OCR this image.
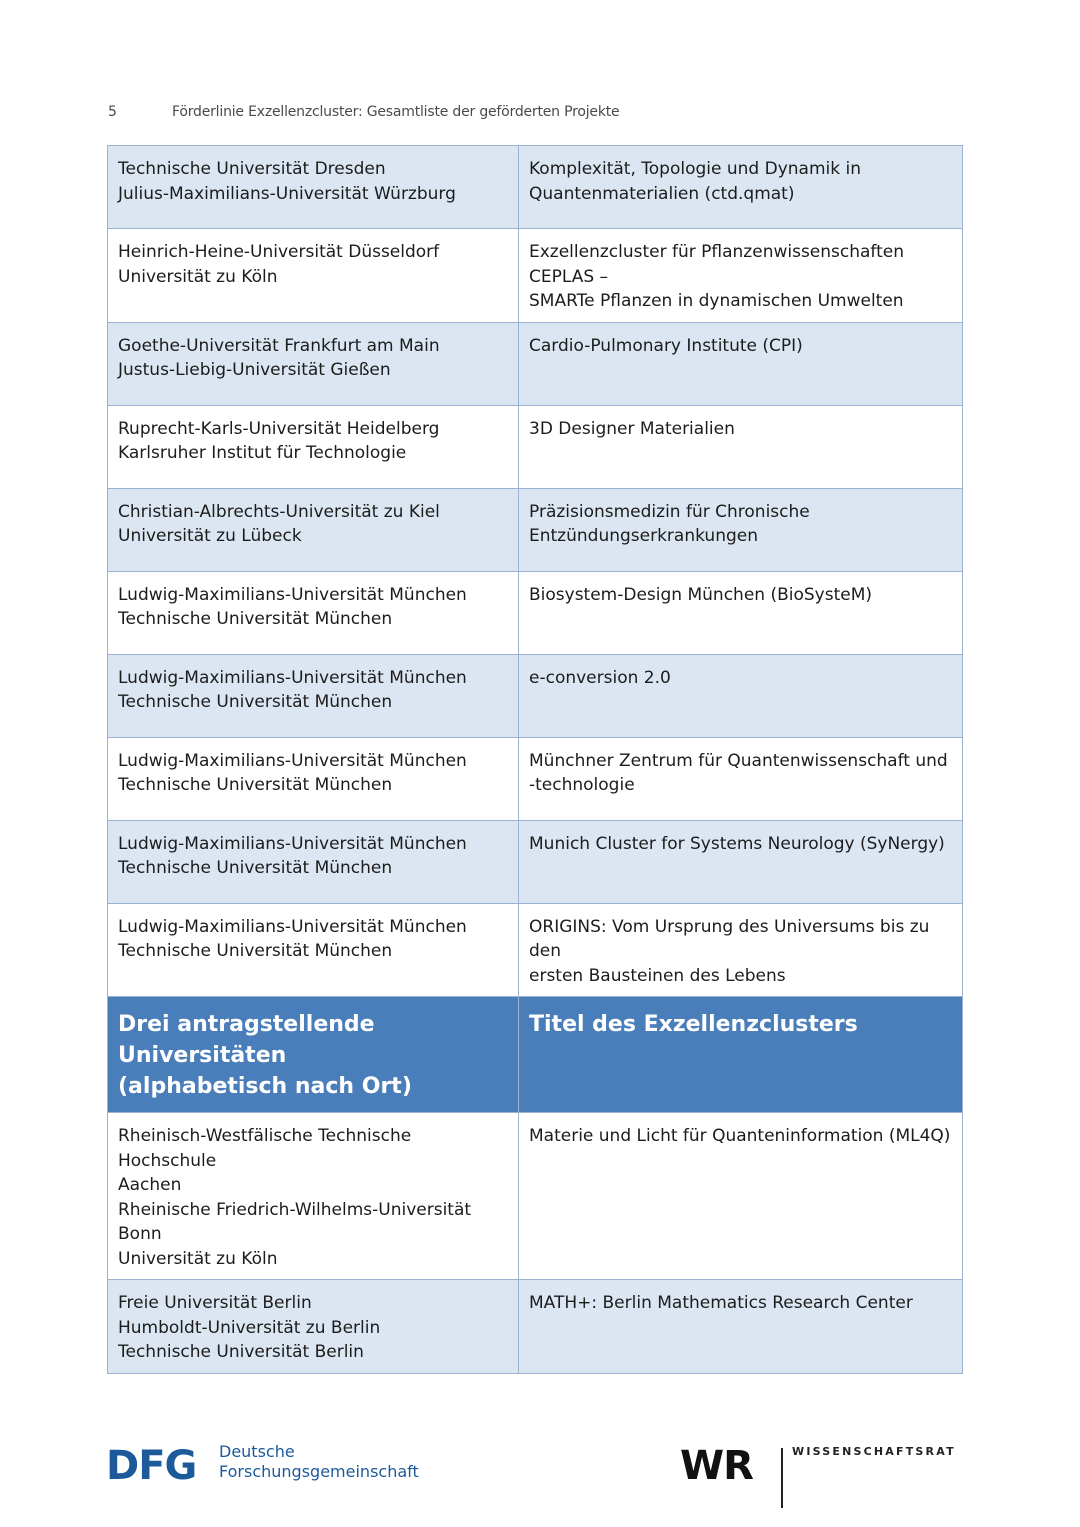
5	Förderlinie Exzellenzcluster: Gesamtliste der geförderten Projekte
Technische Universität Dresden
Julius-Maximilians-Universität Würzburg	Komplexität, Topologie und Dynamik in
Quantenmaterialien (ctd.qmat)

Heinrich-Heine-Universität Düsseldorf
Universität zu Köln	Exzellenzcluster für Pflanzenwissenschaften CEPLAS –
SMARTe Pflanzen in dynamischen Umwelten

Goethe-Universität Frankfurt am Main
Justus-Liebig-Universität Gießen	Cardio-Pulmonary Institute (CPI)

Ruprecht-Karls-Universität Heidelberg
Karlsruher Institut für Technologie	3D Designer Materialien

Christian-Albrechts-Universität zu Kiel
Universität zu Lübeck	Präzisionsmedizin für Chronische
Entzündungserkrankungen

Ludwig-Maximilians-Universität München
Technische Universität München	Biosystem-Design München (BioSysteM)

Ludwig-Maximilians-Universität München
Technische Universität München	e-conversion 2.0

Ludwig-Maximilians-Universität München
Technische Universität München	Münchner Zentrum für Quantenwissenschaft und
-technologie

Ludwig-Maximilians-Universität München
Technische Universität München	Munich Cluster for Systems Neurology (SyNergy)

Ludwig-Maximilians-Universität München
Technische Universität München	ORIGINS: Vom Ursprung des Universums bis zu den
ersten Bausteinen des Lebens

Drei antragstellende Universitäten
(alphabetisch nach Ort)	Titel des Exzellenzclusters

Rheinisch-Westfälische Technische Hochschule
Aachen
Rheinische Friedrich-Wilhelms-Universität Bonn
Universität zu Köln	Materie und Licht für Quanteninformation (ML4Q)

Freie Universität Berlin
Humboldt-Universität zu Berlin
Technische Universität Berlin	MATH+: Berlin Mathematics Research Center
DFG Deutsche
Forschungsgemeinschaft	WR	WISSENSCHAFTSRAT
